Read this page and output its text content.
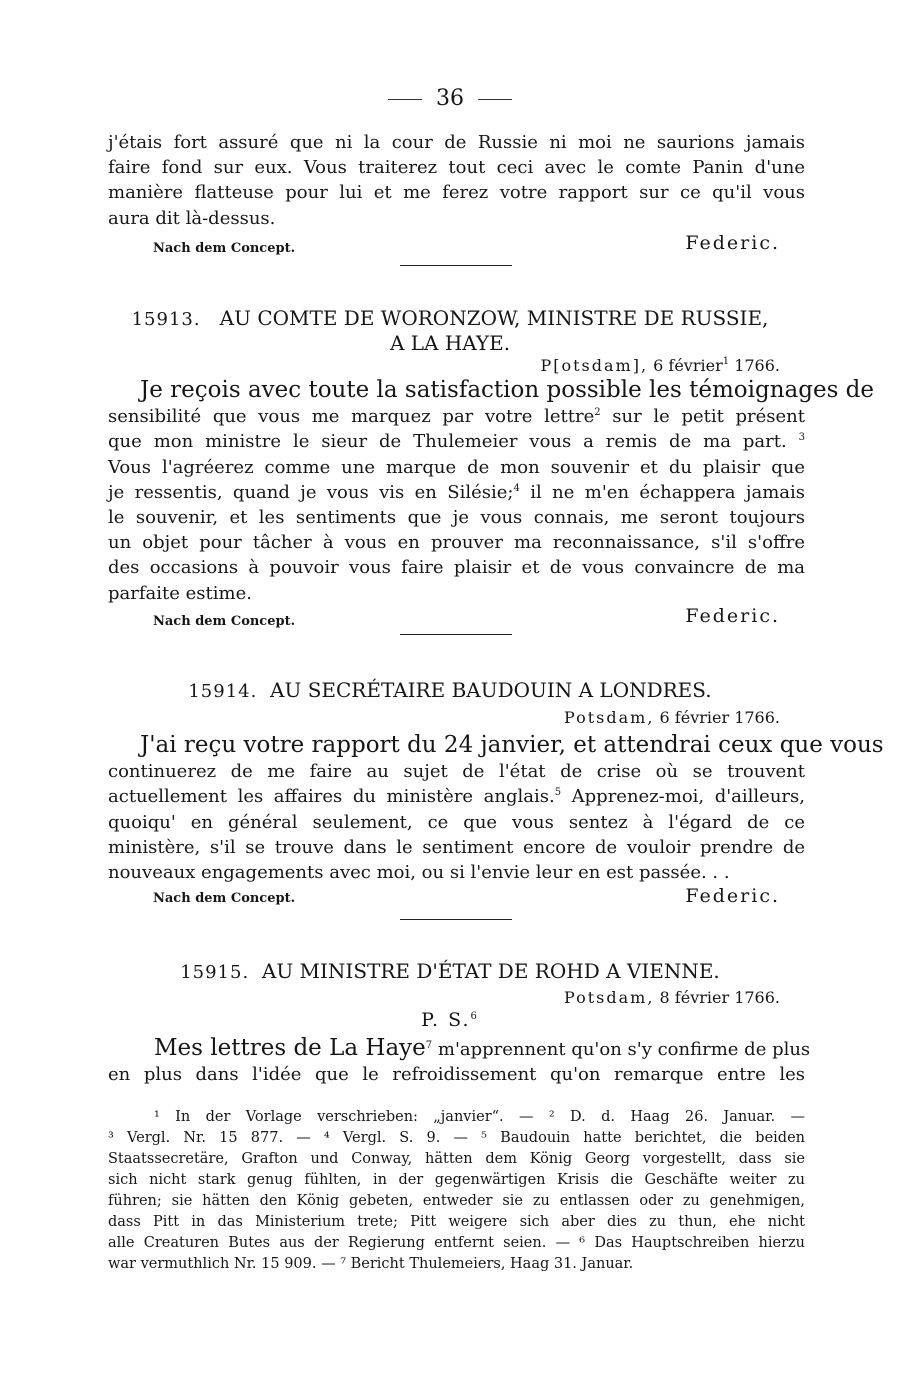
36
j'étais fort assuré que ni la cour de Russie ni moi ne saurions jamais
faire fond sur eux. Vous traiterez tout ceci avec le comte Panin d'une
manière flatteuse pour lui et me ferez votre rapport sur ce qu'il vous
aura dit là-dessus.
Nach dem Concept.	Federic.
15913. AU COMTE DE WORONZOW, MINISTRE DE RUSSIE,
A LA HAYE.
P[otsdam], 6 février$^1$ 1766.
Je reçois avec toute la satisfaction possible les témoignages de
sensibilité que vous me marquez par votre lettre$^2$ sur le petit présent
que mon ministre le sieur de Thulemeier vous a remis de ma part. $^3$
Vous l'agréerez comme une marque de mon souvenir et du plaisir que
je ressentis, quand je vous vis en Silésie;$^4$ il ne m'en échappera jamais
le souvenir, et les sentiments que je vous connais, me seront toujours
un objet pour tâcher à vous en prouver ma reconnaissance, s'il s'offre
des occasions à pouvoir vous faire plaisir et de vous convaincre de ma
parfaite estime.
Nach dem Concept.	Federic.
15914. AU SECRÉTAIRE BAUDOUIN A LONDRES.
Potsdam, 6 février 1766.
J'ai reçu votre rapport du 24 janvier, et attendrai ceux que vous
continuerez de me faire au sujet de l'état de crise où se trouvent
actuellement les affaires du ministère anglais.$^5$ Apprenez-moi, d'ailleurs,
quoiqu' en général seulement, ce que vous sentez à l'égard de ce
ministère, s'il se trouve dans le sentiment encore de vouloir prendre de
nouveaux engagements avec moi, ou si l'envie leur en est passée. . .
Nach dem Concept.	Federic.
15915. AU MINISTRE D'ÉTAT DE ROHD A VIENNE.
Potsdam, 8 février 1766.
P. S.$^6$
Mes lettres de La Haye$^7$ m'apprennent qu'on s'y confirme de plus
en plus dans l'idée que le refroidissement qu'on remarque entre les
¹ In der Vorlage verschrieben: „janvier“. — ² D. d. Haag 26. Januar. —
³ Vergl. Nr. 15 877. — ⁴ Vergl. S. 9. — ⁵ Baudouin hatte berichtet, die beiden
Staatssecretäre, Grafton und Conway, hätten dem König Georg vorgestellt, dass sie
sich nicht stark genug fühlten, in der gegenwärtigen Krisis die Geschäfte weiter zu
führen; sie hätten den König gebeten, entweder sie zu entlassen oder zu genehmigen,
dass Pitt in das Ministerium trete; Pitt weigere sich aber dies zu thun, ehe nicht
alle Creaturen Butes aus der Regierung entfernt seien. — ⁶ Das Hauptschreiben hierzu
war vermuthlich Nr. 15 909. — ⁷ Bericht Thulemeiers, Haag 31. Januar.
